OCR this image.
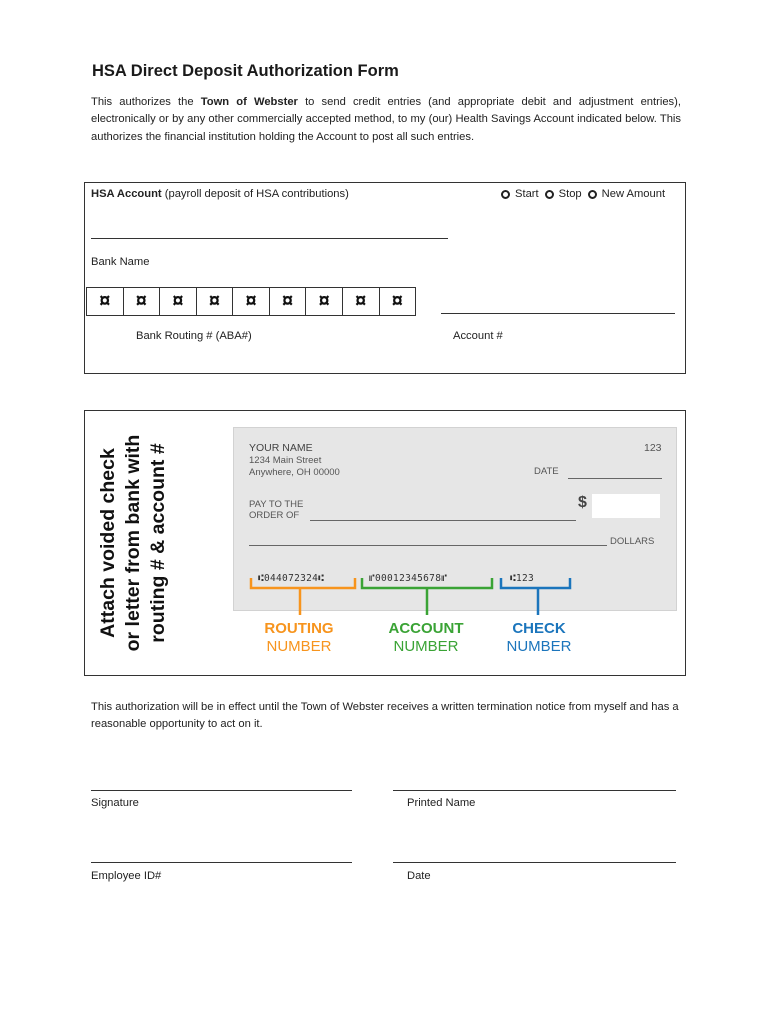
HSA Direct Deposit Authorization Form
This authorizes the Town of Webster to send credit entries (and appropriate debit and adjustment entries), electronically or by any other commercially accepted method, to my (our) Health Savings Account indicated below. This authorizes the financial institution holding the Account to post all such entries.
HSA Account (payroll deposit of HSA contributions)	Start Stop New Amount
Bank Name
¤	¤	¤	¤	¤	¤	¤	¤	¤
Bank Routing # (ABA#)	Account #
Attach voided check or letter from bank with routing # & account #	YOUR NAME
1234 Main Street
Anywhere, OH 00000
123
DATE
PAY TO THE
ORDER OF
$
DOLLARS
⑆044072324⑆	⑈00012345678⑈	⑆123
ROUTING
NUMBER
ACCOUNT
NUMBER
CHECK
NUMBER
This authorization will be in effect until the Town of Webster receives a written termination notice from myself and has a reasonable opportunity to act on it.
Signature	Printed Name
Employee ID#	Date
